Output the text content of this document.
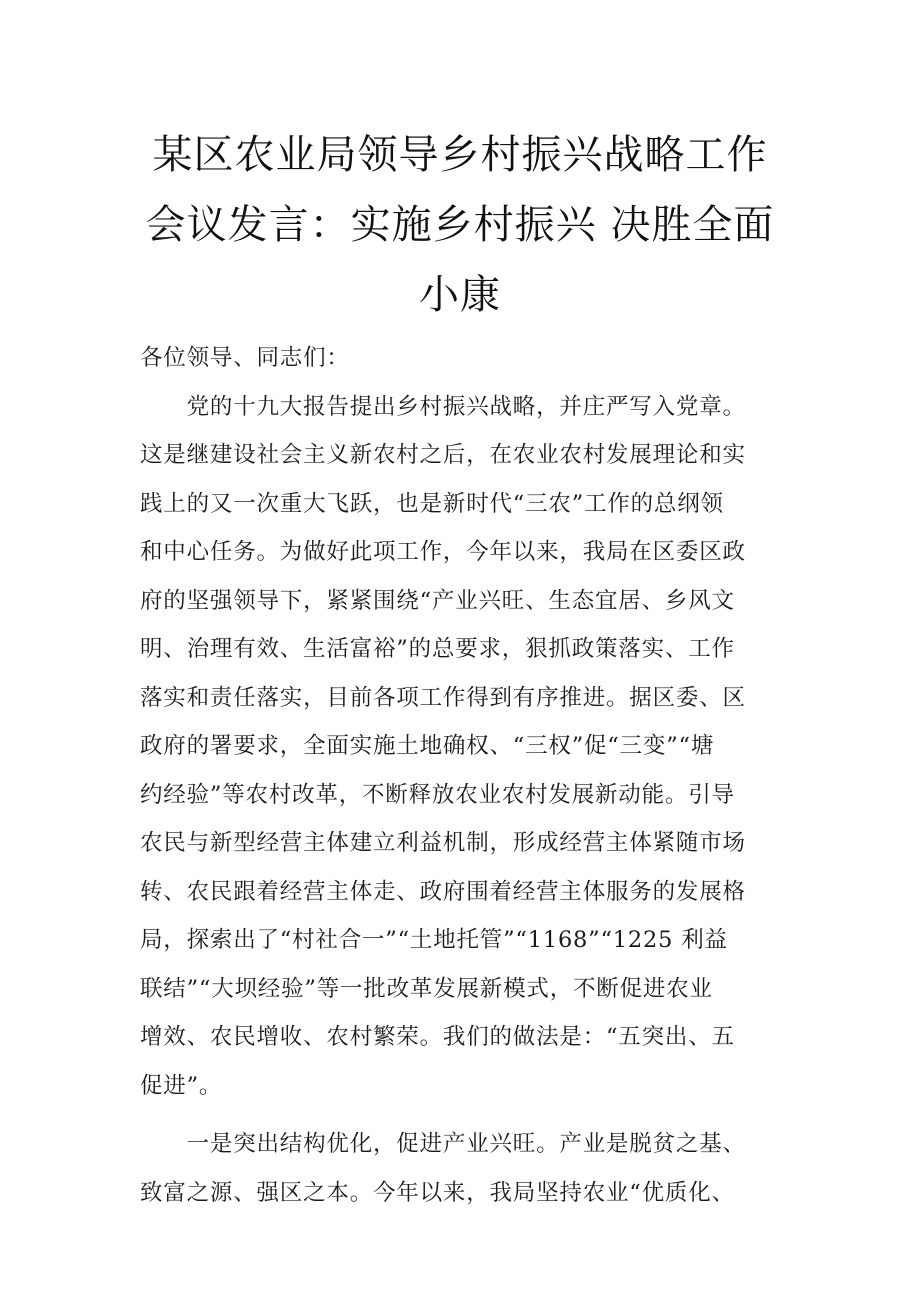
某区农业局领导乡村振兴战略工作
会议发言：实施乡村振兴 决胜全面
小康
各位领导、同志们：
　　党的十九大报告提出乡村振兴战略，并庄严写入党章。
这是继建设社会主义新农村之后，在农业农村发展理论和实
践上的又一次重大飞跃，也是新时代“三农”工作的总纲领
和中心任务。为做好此项工作，今年以来，我局在区委区政
府的坚强领导下，紧紧围绕“产业兴旺、生态宜居、乡风文
明、治理有效、生活富裕”的总要求，狠抓政策落实、工作
落实和责任落实，目前各项工作得到有序推进。据区委、区
政府的署要求，全面实施土地确权、“三权”促“三变”“塘
约经验”等农村改革，不断释放农业农村发展新动能。引导
农民与新型经营主体建立利益机制，形成经营主体紧随市场
转、农民跟着经营主体走、政府围着经营主体服务的发展格
局，探索出了“村社合一”“土地托管”“1168”“1225 利益
联结”“大坝经验”等一批改革发展新模式，不断促进农业
增效、农民增收、农村繁荣。我们的做法是：“五突出、五
促进”。
　　一是突出结构优化，促进产业兴旺。产业是脱贫之基、
致富之源、强区之本。今年以来，我局坚持农业“优质化、
